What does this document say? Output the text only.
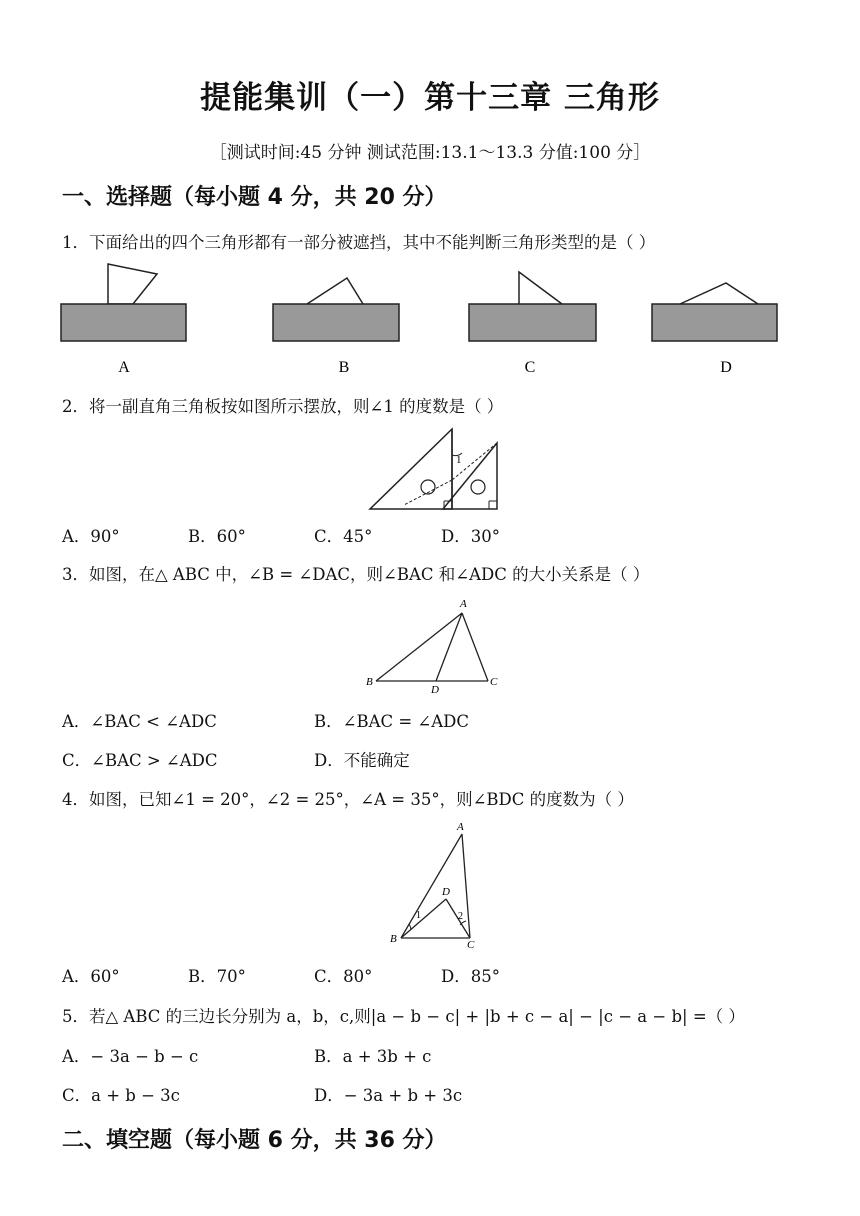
提能集训（一）第十三章 三角形
［测试时间:45 分钟 测试范围:13.1～13.3 分值:100 分］
一、选择题（每小题 4 分，共 20 分）
1．下面给出的四个三角形都有一部分被遮挡，其中不能判断三角形类型的是（ ）
A	B	C	D
2．将一副直角三角板按如图所示摆放，则∠1 的度数是（ ）
1
A．90°	B．60°	C．45°	D．30°
3．如图，在△ ABC 中，∠B = ∠DAC，则∠BAC 和∠ADC 的大小关系是（ ）
A
B
D
C
A．∠BAC < ∠ADC	B．∠BAC = ∠ADC
C．∠BAC > ∠ADC	D．不能确定
4．如图，已知∠1 = 20°，∠2 = 25°，∠A = 35°，则∠BDC 的度数为（ ）
A
D
1	2
B	C
A．60°	B．70°	C．80°	D．85°
5．若△ ABC 的三边长分别为 a，b，c,则|a − b − c| + |b + c − a| − |c − a − b| =（ ）
A．− 3a − b − c	B．a + 3b + c
C．a + b − 3c	D．− 3a + b + 3c
二、填空题（每小题 6 分，共 36 分）
